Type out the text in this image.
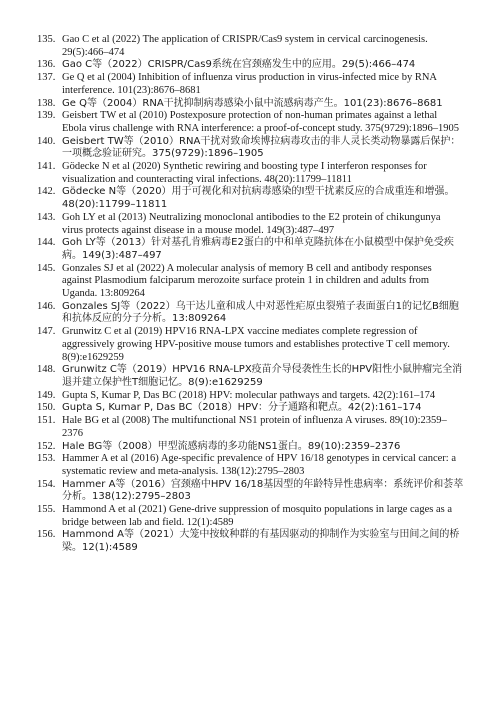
135. Gao C et al (2022) The application of CRISPR/Cas9 system in cervical carcinogenesis. 29(5):466–474
136. Gao C等（2022）CRISPR/Cas9系统在宫颈癌发生中的应用。29(5):466–474
137. Ge Q et al (2004) Inhibition of influenza virus production in virus-infected mice by RNA interference. 101(23):8676–8681
138. Ge Q等（2004）RNA干扰抑制病毒感染小鼠中流感病毒产生。101(23):8676–8681
139. Geisbert TW et al (2010) Postexposure protection of non-human primates against a lethal Ebola virus challenge with RNA interference: a proof-of-concept study. 375(9729):1896–1905
140. Geisbert TW等（2010）RNA干扰对致命埃博拉病毒攻击的非人灵长类动物暴露后保护：一项概念验证研究。375(9729):1896–1905
141. Gödecke N et al (2020) Synthetic rewiring and boosting type I interferon responses for visualization and counteracting viral infections. 48(20):11799–11811
142. Gödecke N等（2020）用于可视化和对抗病毒感染的I型干扰素反应的合成重连和增强。48(20):11799–11811
143. Goh LY et al (2013) Neutralizing monoclonal antibodies to the E2 protein of chikungunya virus protects against disease in a mouse model. 149(3):487–497
144. Goh LY等（2013）针对基孔肯雅病毒E2蛋白的中和单克隆抗体在小鼠模型中保护免受疾病。149(3):487–497
145. Gonzales SJ et al (2022) A molecular analysis of memory B cell and antibody responses against Plasmodium falciparum merozoite surface protein 1 in children and adults from Uganda. 13:809264
146. Gonzales SJ等（2022）乌干达儿童和成人中对恶性疟原虫裂殖子表面蛋白1的记忆B细胞和抗体反应的分子分析。13:809264
147. Grunwitz C et al (2019) HPV16 RNA-LPX vaccine mediates complete regression of aggressively growing HPV-positive mouse tumors and establishes protective T cell memory. 8(9):e1629259
148. Grunwitz C等（2019）HPV16 RNA-LPX疫苗介导侵袭性生长的HPV阳性小鼠肿瘤完全消退并建立保护性T细胞记忆。8(9):e1629259
149. Gupta S, Kumar P, Das BC (2018) HPV: molecular pathways and targets. 42(2):161–174
150. Gupta S, Kumar P, Das BC（2018）HPV：分子通路和靶点。42(2):161–174
151. Hale BG et al (2008) The multifunctional NS1 protein of influenza A viruses. 89(10):2359–2376
152. Hale BG等（2008）甲型流感病毒的多功能NS1蛋白。89(10):2359–2376
153. Hammer A et al (2016) Age-specific prevalence of HPV 16/18 genotypes in cervical cancer: a systematic review and meta-analysis. 138(12):2795–2803
154. Hammer A等（2016）宫颈癌中HPV 16/18基因型的年龄特异性患病率：系统评价和荟萃分析。138(12):2795–2803
155. Hammond A et al (2021) Gene-drive suppression of mosquito populations in large cages as a bridge between lab and field. 12(1):4589
156. Hammond A等（2021）大笼中按蚊种群的有基因驱动的抑制作为实验室与田间之间的桥梁。12(1):4589
